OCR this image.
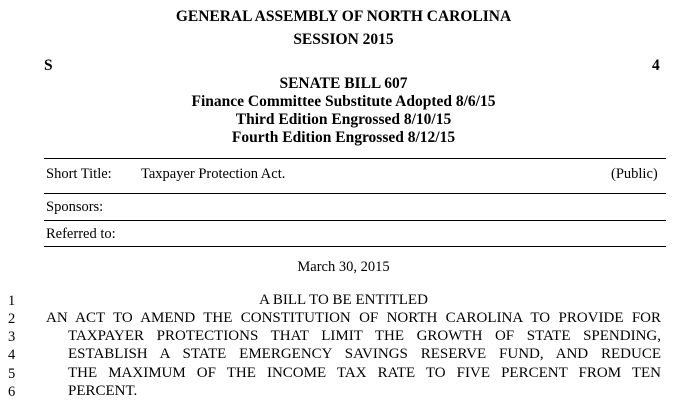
GENERAL ASSEMBLY OF NORTH CAROLINA
SESSION 2015
S	4
SENATE BILL 607
Finance Committee Substitute Adopted 8/6/15
Third Edition Engrossed 8/10/15
Fourth Edition Engrossed 8/12/15
Short Title: Taxpayer Protection Act.	(Public)
Sponsors:
Referred to:
March 30, 2015
1
2
3
4
5
6
A BILL TO BE ENTITLED
AN ACT TO AMEND THE CONSTITUTION OF NORTH CAROLINA TO PROVIDE FOR
TAXPAYER PROTECTIONS THAT LIMIT THE GROWTH OF STATE SPENDING,
ESTABLISH A STATE EMERGENCY SAVINGS RESERVE FUND, AND REDUCE
THE MAXIMUM OF THE INCOME TAX RATE TO FIVE PERCENT FROM TEN
PERCENT.
